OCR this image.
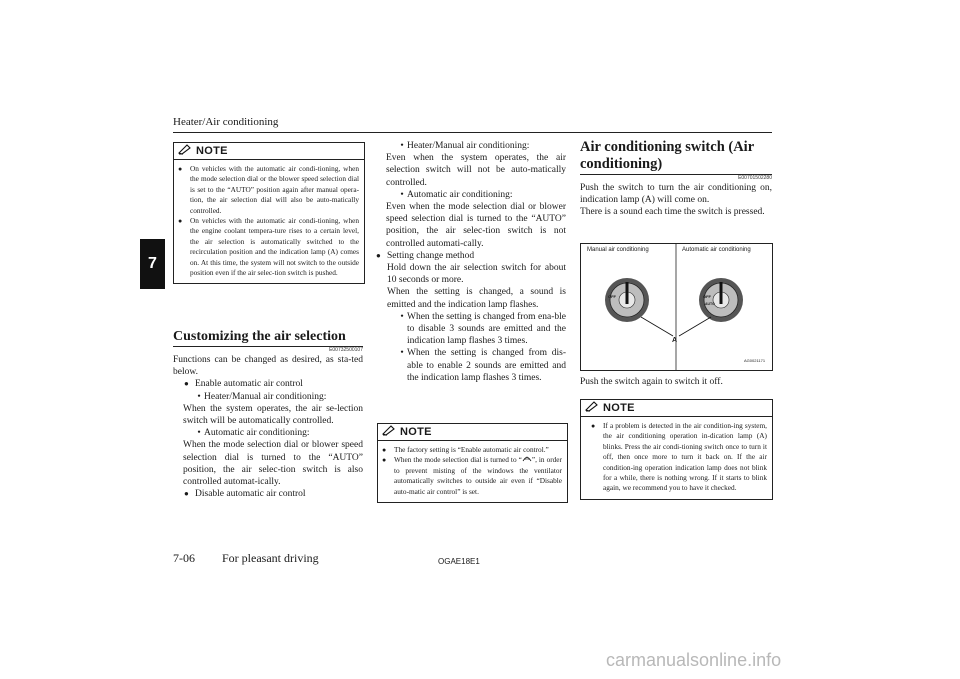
Heater/Air conditioning
7
NOTE
●	On vehicles with the automatic air condi-tioning, when the mode selection dial or the blower speed selection dial is set to the “AUTO” position again after manual opera-tion, the air selection dial will also be auto-matically controlled.
●	On vehicles with the automatic air condi-tioning, when the engine coolant tempera-ture rises to a certain level, the air selection is automatically switched to the recirculation position and the indication lamp (A) comes on. At this time, the system will not switch to the outside position even if the air selec-tion switch is pushed.
Customizing the air selection
E00732500107
Functions can be changed as desired, as sta-ted below.
● Enable automatic air control
• Heater/Manual air conditioning:
When the system operates, the air se-lection switch will be automatically controlled.
• Automatic air conditioning:
When the mode selection dial or blower speed selection dial is turned to the “AUTO” position, the air selec-tion switch is also controlled automat-ically.
● Disable automatic air control
• Heater/Manual air conditioning:
Even when the system operates, the air selection switch will not be auto-matically controlled.
• Automatic air conditioning:
Even when the mode selection dial or blower speed selection dial is turned to the “AUTO” position, the air selec-tion switch is not controlled automati-cally.
● Setting change method
Hold down the air selection switch for about 10 seconds or more.
When the setting is changed, a sound is emitted and the indication lamp flashes.
• When the setting is changed from ena-ble to disable 3 sounds are emitted and the indication lamp flashes 3 times.
• When the setting is changed from dis-able to enable 2 sounds are emitted and the indication lamp flashes 3 times.
NOTE
●	The factory setting is “Enable automatic air control.”
●	When the mode selection dial is turned to “ ”, in order to prevent misting of the windows the ventilator automatically switches to outside air even if “Disable auto-matic air control” is set.
Air conditioning switch (Air
conditioning)
E00701502280
Push the switch to turn the air conditioning on, indication lamp (A) will come on.
There is a sound each time the switch is pressed.
Manual air conditioning	Automatic air conditioning
OFF	OFF
AUTO
A
AG0021171
Push the switch again to switch it off.
NOTE
●	If a problem is detected in the air condition-ing system, the air conditioning operation in-dication lamp (A) blinks. Press the air condi-tioning switch once to turn it off, then once more to turn it back on. If the air condition-ing operation indication lamp does not blink for a while, there is nothing wrong. If it starts to blink again, we recommend you to have it checked.
7-06 For pleasant driving	OGAE18E1
carmanualsonline.info
